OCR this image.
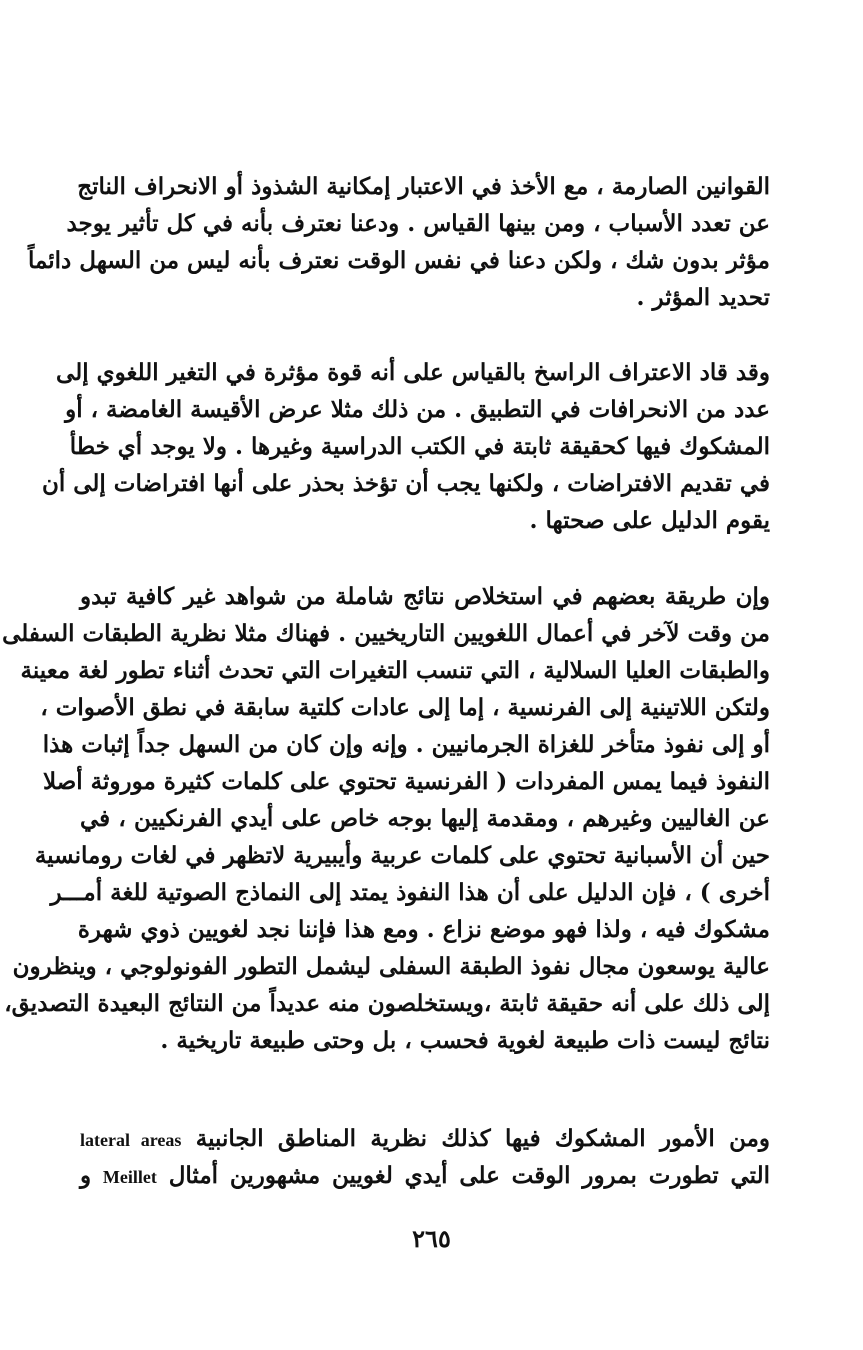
القوانين الصارمة ، مع الأخذ في الاعتبار إمكانية الشذوذ أو الانحراف الناتج
عن تعدد الأسباب ، ومن بينها القياس . ودعنا نعترف بأنه في كل تأثير يوجد
مؤثر بدون شك ، ولكن دعنا في نفس الوقت نعترف بأنه ليس من السهل دائماً
تحديد المؤثر .
وقد قاد الاعتراف الراسخ بالقياس على أنه قوة مؤثرة في التغير اللغوي إلى
عدد من الانحرافات في التطبيق . من ذلك مثلا عرض الأقيسة الغامضة ، أو
المشكوك فيها كحقيقة ثابتة في الكتب الدراسية وغيرها . ولا يوجد أي خطأ
في تقديم الافتراضات ، ولكنها يجب أن تؤخذ بحذر على أنها افتراضات إلى أن
يقوم الدليل على صحتها .
وإن طريقة بعضهم في استخلاص نتائج شاملة من شواهد غير كافية تبدو
من وقت لآخر في أعمال اللغويين التاريخيين . فهناك مثلا نظرية الطبقات السفلى
والطبقات العليا السلالية ، التي تنسب التغيرات التي تحدث أثناء تطور لغة معينة
ولتكن اللاتينية إلى الفرنسية ، إما إلى عادات كلتية سابقة في نطق الأصوات ،
أو إلى نفوذ متأخر للغزاة الجرمانيين . وإنه وإن كان من السهل جداً إثبات هذا
النفوذ فيما يمس المفردات ( الفرنسية تحتوي على كلمات كثيرة موروثة أصلا
عن الغاليين وغيرهم ، ومقدمة إليها بوجه خاص على أيدي الفرنكيين ، في
حين أن الأسبانية تحتوي على كلمات عربية وأيبيرية لاتظهر في لغات رومانسية
أخرى ) ، فإن الدليل على أن هذا النفوذ يمتد إلى النماذج الصوتية للغة أمـــر
مشكوك فيه ، ولذا فهو موضع نزاع . ومع هذا فإننا نجد لغويين ذوي شهرة
عالية يوسعون مجال نفوذ الطبقة السفلى ليشمل التطور الفونولوجي ، وينظرون
إلى ذلك على أنه حقيقة ثابتة ،ويستخلصون منه عديداً من النتائج البعيدة التصديق،
نتائج ليست ذات طبيعة لغوية فحسب ، بل وحتى طبيعة تاريخية .
ومن الأمور المشكوك فيها كذلك نظرية المناطق الجانبية lateral areas
التي تطورت بمرور الوقت على أيدي لغويين مشهورين أمثال Meillet و
٢٦٥
